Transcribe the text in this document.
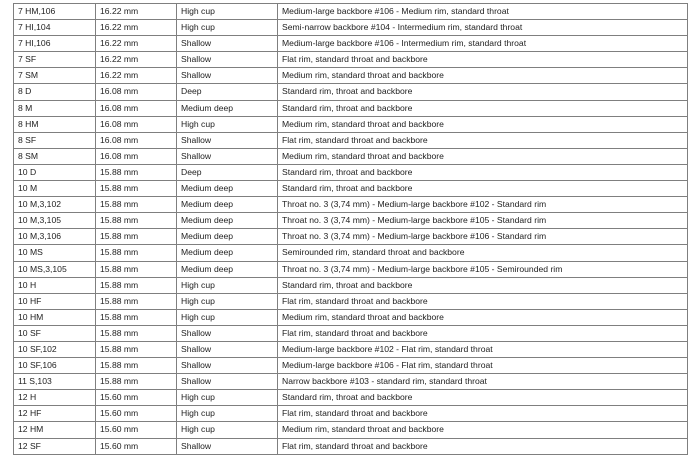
7 HM,106	16.22 mm	High cup	Medium-large backbore #106 - Medium rim, standard throat
7 HI,104	16.22 mm	High cup	Semi-narrow backbore #104 - Intermedium rim, standard throat
7 HI,106	16.22 mm	Shallow	Medium-large backbore #106 - Intermedium rim, standard throat
7 SF	16.22 mm	Shallow	Flat rim, standard throat and backbore
7 SM	16.22 mm	Shallow	Medium rim, standard throat and backbore
8 D	16.08 mm	Deep	Standard rim, throat and backbore
8 M	16.08 mm	Medium deep	Standard rim, throat and backbore
8 HM	16.08 mm	High cup	Medium rim, standard throat and backbore
8 SF	16.08 mm	Shallow	Flat rim, standard throat and backbore
8 SM	16.08 mm	Shallow	Medium rim, standard throat and backbore
10 D	15.88 mm	Deep	Standard rim, throat and backbore
10 M	15.88 mm	Medium deep	Standard rim, throat and backbore
10 M,3,102	15.88 mm	Medium deep	Throat no. 3 (3,74 mm) - Medium-large backbore #102 - Standard rim
10 M,3,105	15.88 mm	Medium deep	Throat no. 3 (3,74 mm) - Medium-large backbore #105 - Standard rim
10 M,3,106	15.88 mm	Medium deep	Throat no. 3 (3,74 mm) - Medium-large backbore #106 - Standard rim
10 MS	15.88 mm	Medium deep	Semirounded rim, standard throat and backbore
10 MS,3,105	15.88 mm	Medium deep	Throat no. 3 (3,74 mm) - Medium-large backbore #105 - Semirounded rim
10 H	15.88 mm	High cup	Standard rim, throat and backbore
10 HF	15.88 mm	High cup	Flat rim, standard throat and backbore
10 HM	15.88 mm	High cup	Medium rim, standard throat and backbore
10 SF	15.88 mm	Shallow	Flat rim, standard throat and backbore
10 SF,102	15.88 mm	Shallow	Medium-large backbore #102 - Flat rim, standard throat
10 SF,106	15.88 mm	Shallow	Medium-large backbore #106 - Flat rim, standard throat
11 S,103	15.88 mm	Shallow	Narrow backbore #103 - standard rim, standard throat
12 H	15.60 mm	High cup	Standard rim, throat and backbore
12 HF	15.60 mm	High cup	Flat rim, standard throat and backbore
12 HM	15.60 mm	High cup	Medium rim, standard throat and backbore
12 SF	15.60 mm	Shallow	Flat rim, standard throat and backbore
